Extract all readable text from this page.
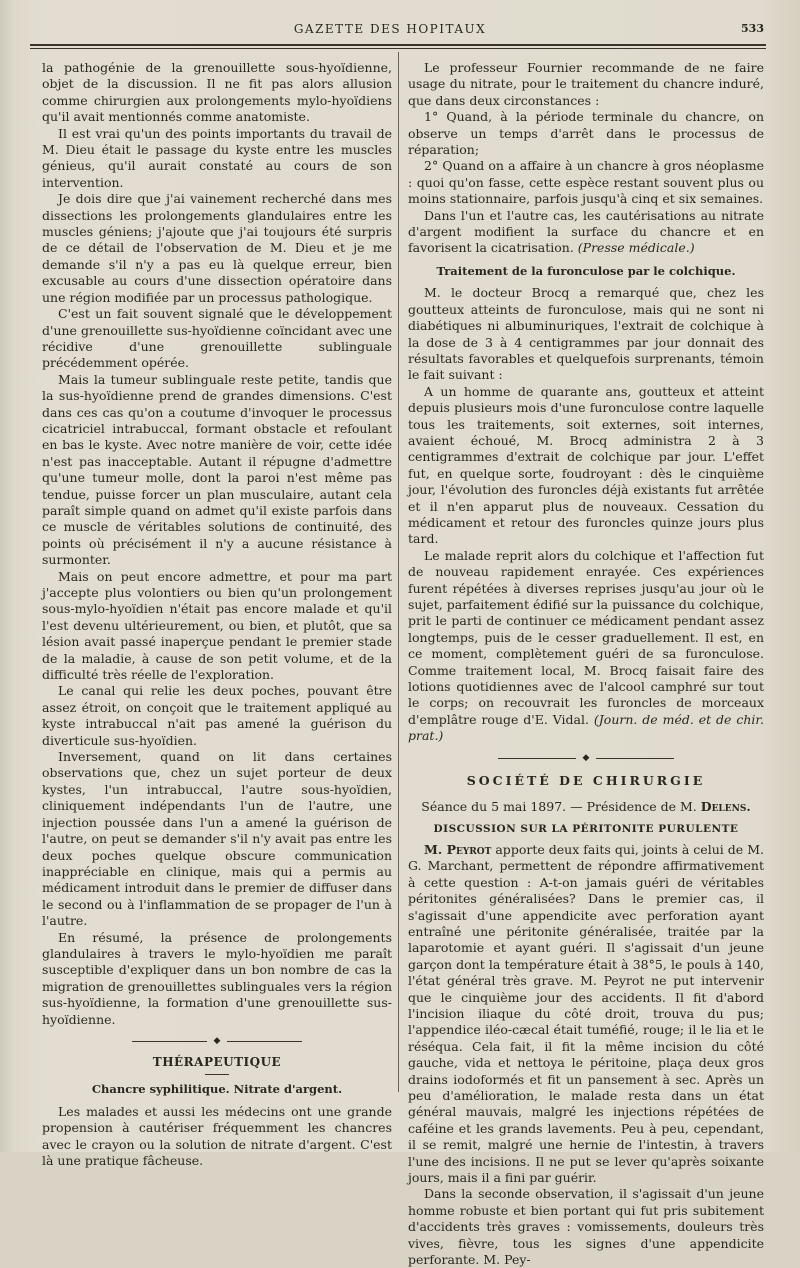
GAZETTE DES HOPITAUX	533

la pathogénie de la grenouillette sous-hyoïdienne, objet de la discussion. Il ne fit pas alors allusion comme chirurgien aux prolongements mylo-hyoïdiens qu'il avait mentionnés comme anatomiste.

Il est vrai qu'un des points importants du travail de M. Dieu était le passage du kyste entre les muscles génieus, qu'il aurait constaté au cours de son intervention.

Je dois dire que j'ai vainement recherché dans mes dissections les prolongements glandulaires entre les muscles géniens; j'ajoute que j'ai toujours été surpris de ce détail de l'observation de M. Dieu et je me demande s'il n'y a pas eu là quelque erreur, bien excusable au cours d'une dissection opératoire dans une région modifiée par un processus pathologique.

C'est un fait souvent signalé que le développement d'une grenouillette sus-hyoïdienne coïncidant avec une récidive d'une grenouillette sublinguale précédemment opérée.

Mais la tumeur sublinguale reste petite, tandis que la sus-hyoïdienne prend de grandes dimensions. C'est dans ces cas qu'on a coutume d'invoquer le processus cicatriciel intrabuccal, formant obstacle et refoulant en bas le kyste. Avec notre manière de voir, cette idée n'est pas inacceptable. Autant il répugne d'admettre qu'une tumeur molle, dont la paroi n'est même pas tendue, puisse forcer un plan musculaire, autant cela paraît simple quand on admet qu'il existe parfois dans ce muscle de véritables solutions de continuité, des points où précisément il n'y a aucune résistance à surmonter.

Mais on peut encore admettre, et pour ma part j'accepte plus volontiers ou bien qu'un prolongement sous-mylo-hyoïdien n'était pas encore malade et qu'il l'est devenu ultérieurement, ou bien, et plutôt, que sa lésion avait passé inaperçue pendant le premier stade de la maladie, à cause de son petit volume, et de la difficulté très réelle de l'exploration.

Le canal qui relie les deux poches, pouvant être assez étroit, on conçoit que le traitement appliqué au kyste intrabuccal n'ait pas amené la guérison du diverticule sus-hyoïdien.

Inversement, quand on lit dans certaines observations que, chez un sujet porteur de deux kystes, l'un intrabuccal, l'autre sous-hyoïdien, cliniquement indépendants l'un de l'autre, une injection poussée dans l'un a amené la guérison de l'autre, on peut se demander s'il n'y avait pas entre les deux poches quelque obscure communication inappréciable en clinique, mais qui a permis au médicament introduit dans le premier de diffuser dans le second ou à l'inflammation de se propager de l'un à l'autre.

En résumé, la présence de prolongements glandulaires à travers le mylo-hyoïdien me paraît susceptible d'expliquer dans un bon nombre de cas la migration de grenouillettes sublinguales vers la région sus-hyoïdienne, la formation d'une grenouillette sus-hyoïdienne.

◆
THÉRAPEUTIQUE
Chancre syphilitique. Nitrate d'argent.

Les malades et aussi les médecins ont une grande propension à cautériser fréquemment les chancres avec le crayon ou la solution de nitrate d'argent. C'est là une pratique fâcheuse.

Le professeur Fournier recommande de ne faire usage du nitrate, pour le traitement du chancre induré, que dans deux circonstances :

1° Quand, à la période terminale du chancre, on observe un temps d'arrêt dans le processus de réparation;

2° Quand on a affaire à un chancre à gros néoplasme : quoi qu'on fasse, cette espèce restant souvent plus ou moins stationnaire, parfois jusqu'à cinq et six semaines.

Dans l'un et l'autre cas, les cautérisations au nitrate d'argent modifient la surface du chancre et en favorisent la cicatrisation. (Presse médicale.)

Traitement de la furonculose par le colchique.

M. le docteur Brocq a remarqué que, chez les goutteux atteints de furonculose, mais qui ne sont ni diabétiques ni albuminuriques, l'extrait de colchique à la dose de 3 à 4 centigrammes par jour donnait des résultats favorables et quelquefois surprenants, témoin le fait suivant :

A un homme de quarante ans, goutteux et atteint depuis plusieurs mois d'une furonculose contre laquelle tous les traitements, soit externes, soit internes, avaient échoué, M. Brocq administra 2 à 3 centigrammes d'extrait de colchique par jour. L'effet fut, en quelque sorte, foudroyant : dès le cinquième jour, l'évolution des furoncles déjà existants fut arrêtée et il n'en apparut plus de nouveaux. Cessation du médicament et retour des furoncles quinze jours plus tard.

Le malade reprit alors du colchique et l'affection fut de nouveau rapidement enrayée. Ces expériences furent répétées à diverses reprises jusqu'au jour où le sujet, parfaitement édifié sur la puissance du colchique, prit le parti de continuer ce médicament pendant assez longtemps, puis de le cesser graduellement. Il est, en ce moment, complètement guéri de sa furonculose. Comme traitement local, M. Brocq faisait faire des lotions quotidiennes avec de l'alcool camphré sur tout le corps; on recouvrait les furoncles de morceaux d'emplâtre rouge d'E. Vidal. (Journ. de méd. et de chir. prat.)

◆
SOCIÉTÉ DE CHIRURGIE
Séance du 5 mai 1897. — Présidence de M. Delens.
DISCUSSION SUR LA PÉRITONITE PURULENTE

M. Peyrot apporte deux faits qui, joints à celui de M. G. Marchant, permettent de répondre affirmativement à cette question : A-t-on jamais guéri de véritables péritonites généralisées? Dans le premier cas, il s'agissait d'une appendicite avec perforation ayant entraîné une péritonite généralisée, traitée par la laparotomie et ayant guéri. Il s'agissait d'un jeune garçon dont la température était à 38°5, le pouls à 140, l'état général très grave. M. Peyrot ne put intervenir que le cinquième jour des accidents. Il fit d'abord l'incision iliaque du côté droit, trouva du pus; l'appendice iléo-cæcal était tuméfié, rouge; il le lia et le réséqua. Cela fait, il fit la même incision du côté gauche, vida et nettoya le péritoine, plaça deux gros drains iodoformés et fit un pansement à sec. Après un peu d'amélioration, le malade resta dans un état général mauvais, malgré les injections répétées de caféine et les grands lavements. Peu à peu, cependant, il se remit, malgré une hernie de l'intestin, à travers l'une des incisions. Il ne put se lever qu'après soixante jours, mais il a fini par guérir.

Dans la seconde observation, il s'agissait d'un jeune homme robuste et bien portant qui fut pris subitement d'accidents très graves : vomissements, douleurs très vives, fièvre, tous les signes d'une appendicite perforante. M. Pey-
